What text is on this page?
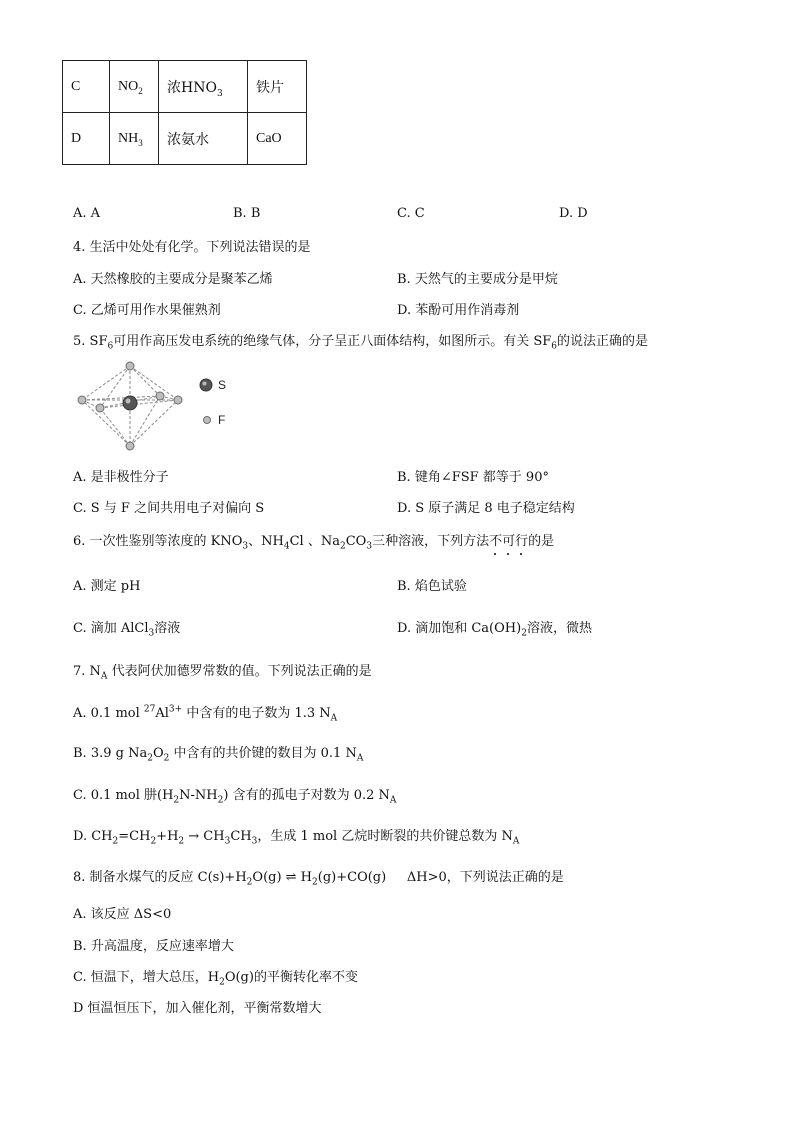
C	$NO_2$	浓$HNO_3$	铁片
D	$NH_3$	浓氨水	CaO
A. A	B. B	C. C	D. D
4. 生活中处处有化学。下列说法错误的是
A. 天然橡胶的主要成分是聚苯乙烯	B. 天然气的主要成分是甲烷
C. 乙烯可用作水果催熟剂	D. 苯酚可用作消毒剂
5. $SF_6$可用作高压发电系统的绝缘气体，分子呈正八面体结构，如图所示。有关 $SF_6$的说法正确的是
S
F
A. 是非极性分子	B. 键角∠FSF 都等于 90°
C. S 与 F 之间共用电子对偏向 S	D. S 原子满足 8 电子稳定结构
6. 一次性鉴别等浓度的 $KNO_3$、$NH_4Cl$ 、$Na_2CO_3$三种溶液，下列方法不可行
的是
A. 测定 pH	B. 焰色试验
C. 滴加 AlCl$_3$溶液	D. 滴加饱和 $Ca(OH)_2$溶液，微热
7. $N_A$ 代表阿伏加德罗常数的值。下列说法正确的是
A. 0.1 mol $^{27}Al^{3+}$ 中含有的电子数为 1.3 $N_A$
B. 3.9 g $Na_2O_2$ 中含有的共价键的数目为 0.1 $N_A$
C. 0.1 mol 肼$(H_2N-NH_2)$ 含有的孤电子对数为 0.2 $N_A$
D. $CH_2=CH_2+H_2 \to CH_3CH_3$，生成 1 mol 乙烷时断裂的共价键总数为 $N_A$
8. 制备水煤气的反应 $C(s)+H_2O(g)$ ⇌ $H_2(g)+CO(g)$ ΔH>0，下列说法正确的是
A. 该反应 ΔS<0
B. 升高温度，反应速率增大
C. 恒温下，增大总压，$H_2O(g)$的平衡转化率不变
D 恒温恒压下，加入催化剂，平衡常数增大
